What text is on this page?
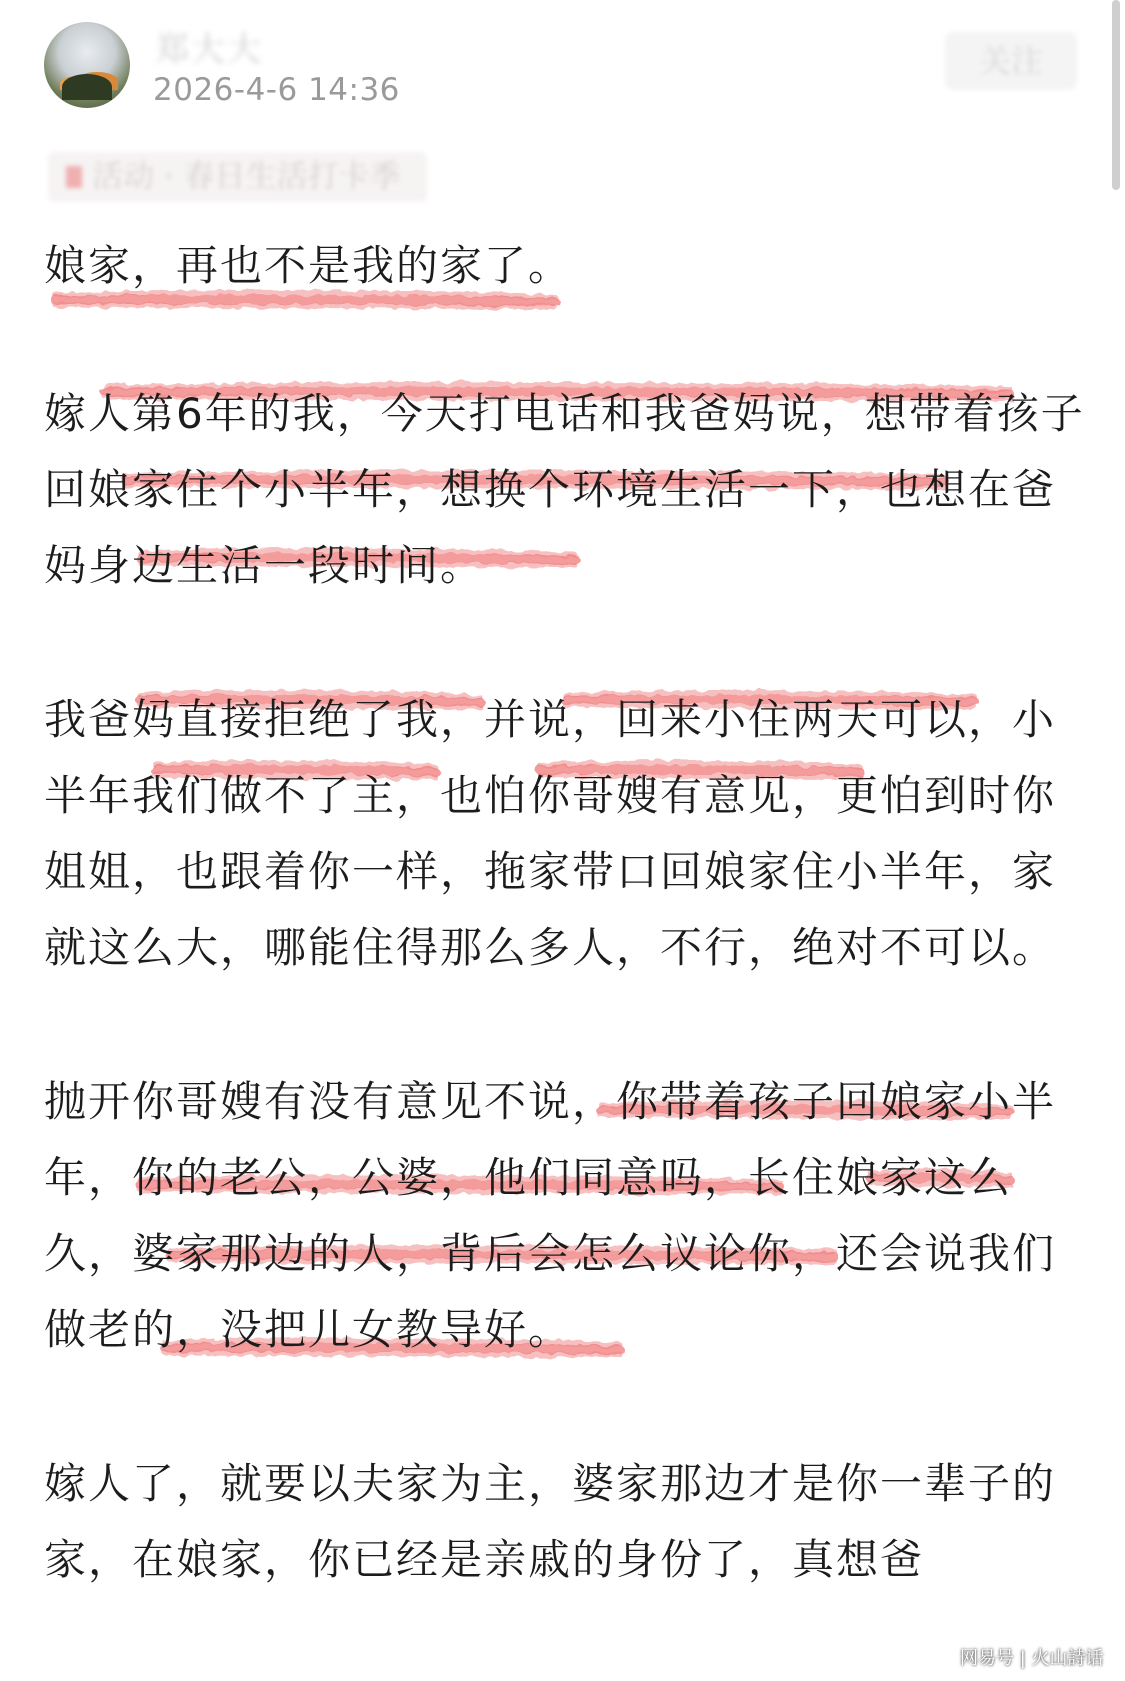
郑大大
2026-4-6 14:36
关注
活动 · 春日生活打卡季

娘家，再也不是我的家了。

嫁人第6年的我，今天打电话和我爸妈说，想带着孩子回娘家住个小半年，想换个环境生活一下，也想在爸妈身边生活一段时间。

我爸妈直接拒绝了我，并说，回来小住两天可以，小半年我们做不了主，也怕你哥嫂有意见，更怕到时你姐姐，也跟着你一样，拖家带口回娘家住小半年，家就这么大，哪能住得那么多人，不行，绝对不可以。

抛开你哥嫂有没有意见不说，你带着孩子回娘家小半年，你的老公，公婆，他们同意吗，长住娘家这么久，婆家那边的人，背后会怎么议论你，还会说我们做老的，没把儿女教导好。

嫁人了，就要以夫家为主，婆家那边才是你一辈子的家，在娘家，你已经是亲戚的身份了，真想爸

网易号 | 火山詩话
